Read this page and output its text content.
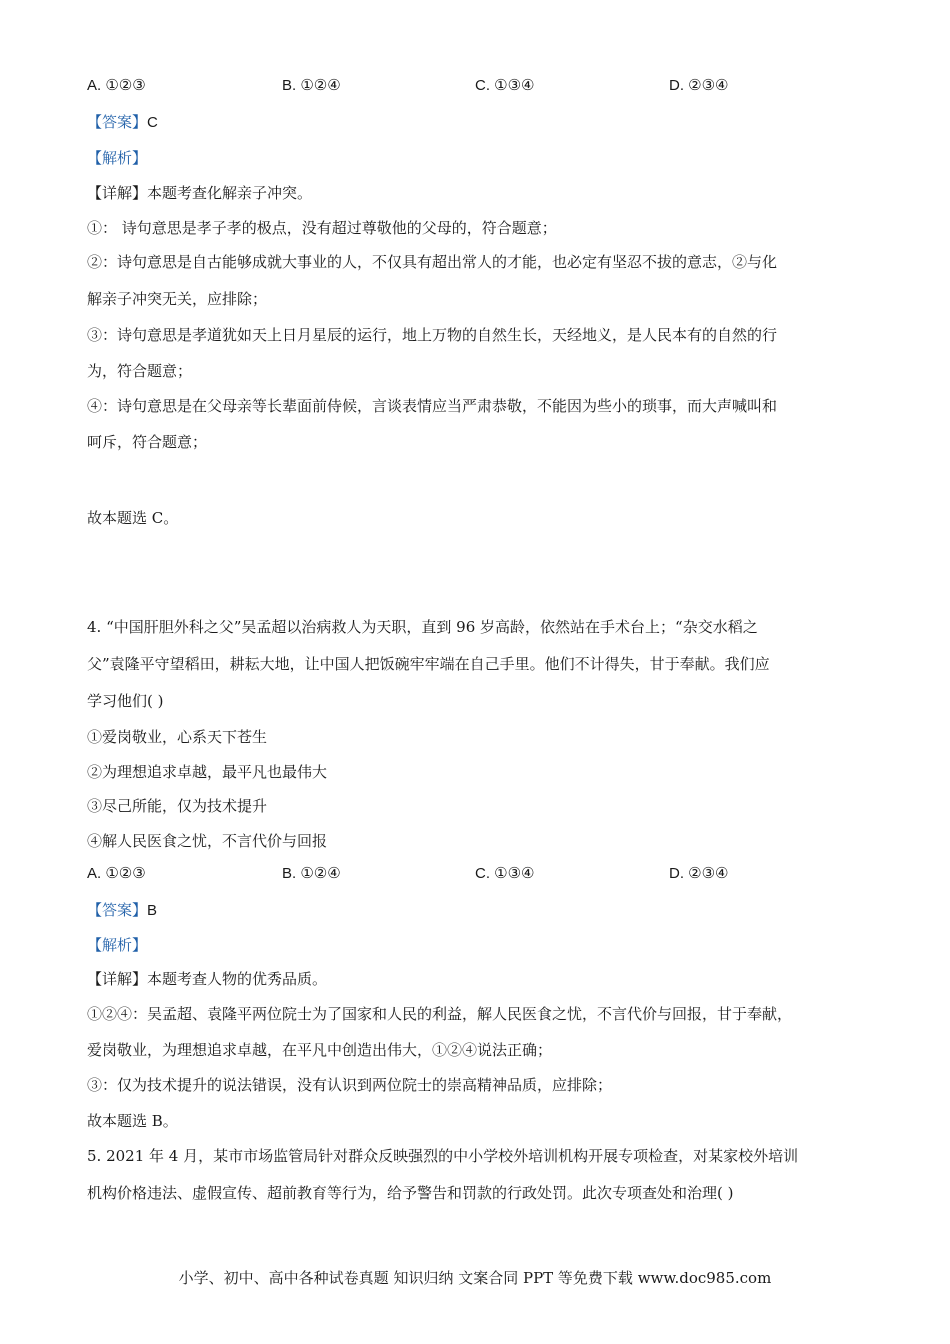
A. ①②③	B. ①②④	C. ①③④	D. ②③④
【答案】C
【解析】
【详解】本题考查化解亲子冲突。
①： 诗句意思是孝子孝的极点，没有超过尊敬他的父母的，符合题意；
②：诗句意思是自古能够成就大事业的人，不仅具有超出常人的才能，也必定有坚忍不拔的意志，②与化
解亲子冲突无关，应排除；
③：诗句意思是孝道犹如天上日月星辰的运行，地上万物的自然生长，天经地义，是人民本有的自然的行
为，符合题意；
④：诗句意思是在父母亲等长辈面前侍候，言谈表情应当严肃恭敬，不能因为些小的琐事，而大声喊叫和
呵斥，符合题意；
故本题选 C。
4. “中国肝胆外科之父”吴孟超以治病救人为天职，直到 96 岁高龄，依然站在手术台上；“杂交水稻之
父”袁隆平守望稻田，耕耘大地，让中国人把饭碗牢牢端在自己手里。他们不计得失，甘于奉献。我们应
学习他们( )
①爱岗敬业，心系天下苍生
②为理想追求卓越，最平凡也最伟大
③尽己所能，仅为技术提升
④解人民医食之忧，不言代价与回报
A. ①②③	B. ①②④	C. ①③④	D. ②③④
【答案】B
【解析】
【详解】本题考查人物的优秀品质。
①②④：吴孟超、袁隆平两位院士为了国家和人民的利益，解人民医食之忧，不言代价与回报，甘于奉献，
爱岗敬业，为理想追求卓越，在平凡中创造出伟大，①②④说法正确；
③：仅为技术提升的说法错误，没有认识到两位院士的崇高精神品质，应排除；
故本题选 B。
5. 2021 年 4 月，某市市场监管局针对群众反映强烈的中小学校外培训机构开展专项检查，对某家校外培训
机构价格违法、虚假宣传、超前教育等行为，给予警告和罚款的行政处罚。此次专项查处和治理( )
小学、初中、高中各种试卷真题 知识归纳 文案合同 PPT 等免费下载 www.doc985.com
